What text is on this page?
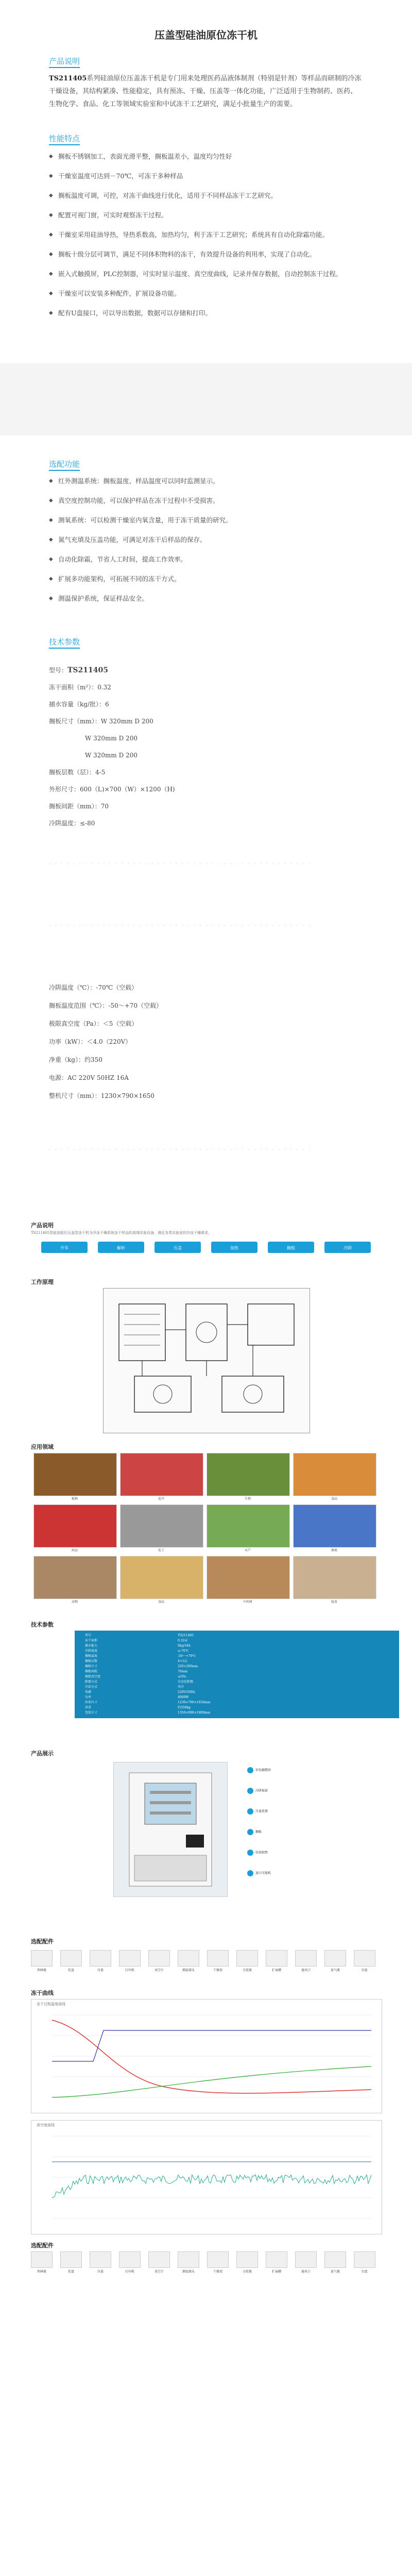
压盖型硅油原位冻干机
产品说明
TS211405系列硅油原位压盖冻干机是专门用来处理医药品液体制剂（特别是针剂）等样品而研制的冷冻干燥设备，其结构紧凑、性能稳定，具有预冻、干燥、压盖等一体化功能，广泛适用于生物制药、医药、生物化学、食品、化工等领域实验室和中试冻干工艺研究，满足小批量生产的需要。
性能特点
◆ 搁板不锈钢加工，表面光滑平整，搁板温差小，温度均匀性好
◆ 干燥室温度可达到－70℃，可冻干多种样品
◆ 搁板温度可调，可控，对冻干曲线进行优化，适用于不同样品冻干工艺研究。
◆ 配置可视门窗，可实时观察冻干过程。
◆ 干燥室采用硅油导热，导热系数高，加热均匀，利于冻干工艺研究；系统具有自动化除霜功能。
◆ 搁板十级分层可调节，满足不同体积物料的冻干，有效提升设备的利用率，实现了自动化。
◆ 嵌入式触摸屏，PLC控制器，可实时显示温度、真空度曲线，记录并保存数据，自动控制冻干过程。
◆ 干燥室可以安装多种配件，扩展设备功能。
◆ 配有U盘接口，可以导出数据，数据可以存储和打印。
选配功能
◆ 红外测温系统：搁板温度、样品温度可以同时监测显示。
◆ 真空度控制功能，可以保护样品在冻干过程中不受损害。
◆ 测氧系统：可以检测干燥室内氧含量，用于冻干质量的研究。
◆ 氮气充填及压盖功能，可满足对冻干后样品的保存。
◆ 自动化除霜，节省人工时间，提高工作效率。
◆ 扩展多功能架构，可拓展不同的冻干方式。
◆ 测温保护系统，保证样品安全。
技术参数
型号：TS211405
冻干面积（m²）：0.32
捕水容量（kg/批）：6
搁板尺寸（mm）：W 320mm D 200
W 320mm D 200
W 320mm D 200
搁板层数（层）：4-5
外形尺寸：600（L)×700（W）×1200（H)
搁板间距（mm）：70
冷阱温度：≤-80
. . . . . . . . . . . . . . . . . . . . . . . . . . . . . . . . . . . . . . . . . . . .
. . . . . . . . . . . . . . . . . . . . . . . . . . . . . . . . . . . . . . . . . . . .
冷阱温度（℃）：-70℃（空载）
搁板温度范围（℃）：-50～+70（空载）
极限真空度（Pa）：＜5（空载）
功率（kW）：＜4.0（220V）
净重（kg）：约350
电源：AC 220V 50HZ 16A
整机尺寸（mm）：1230×790×1650
. . . . . . . . . . . . . . . . . . . . . . . . . . . . . . . . . . . . . . . . . . . .
产品说明
TS211405型硅油原位压盖型冻干机为冷冻干燥系统冻干样品的高端实验设备，满足各类实验室的冷冻干燥需求。
升华	解析	压盖	加热	搁板	冷阱
工作原理
应用领域
植物	花卉	生物	食品
药品	化工	水产	菌类
动物	食品	中药材	疫苗
技术参数
型号	TS211405
冻干面积	0.32㎡
捕水能力	6kg/24h
冷阱温度	≤-70℃
搁板温度	-50～+70℃
搁板层数	4+1层
搁板尺寸	320×200mm
搁板间距	70mm
极限真空度	≤5Pa
除霜方式	自动化除霜
冷却方式	风冷
电源	220V/50Hz
功率	4000W
外形尺寸	1230×790×1650mm
净重	约350kg
包装尺寸	1350×900×1800mm
产品展示
彩色触摸屏
冷阱视窗
压盖装置
搁板
硅油加热
进口压缩机
选配配件
西林瓶	托盘	压盖	打印机	真空计	测温探头	干燥架	分装瓶	扩展槽	通风口	氮气瓶	U盘
冻干曲线
冻干过程温度曲线
真空度曲线
选配配件
西林瓶	托盘	压盖	打印机	真空计	测温探头	干燥架	分装瓶	扩展槽	通风口	氮气瓶	U盘
